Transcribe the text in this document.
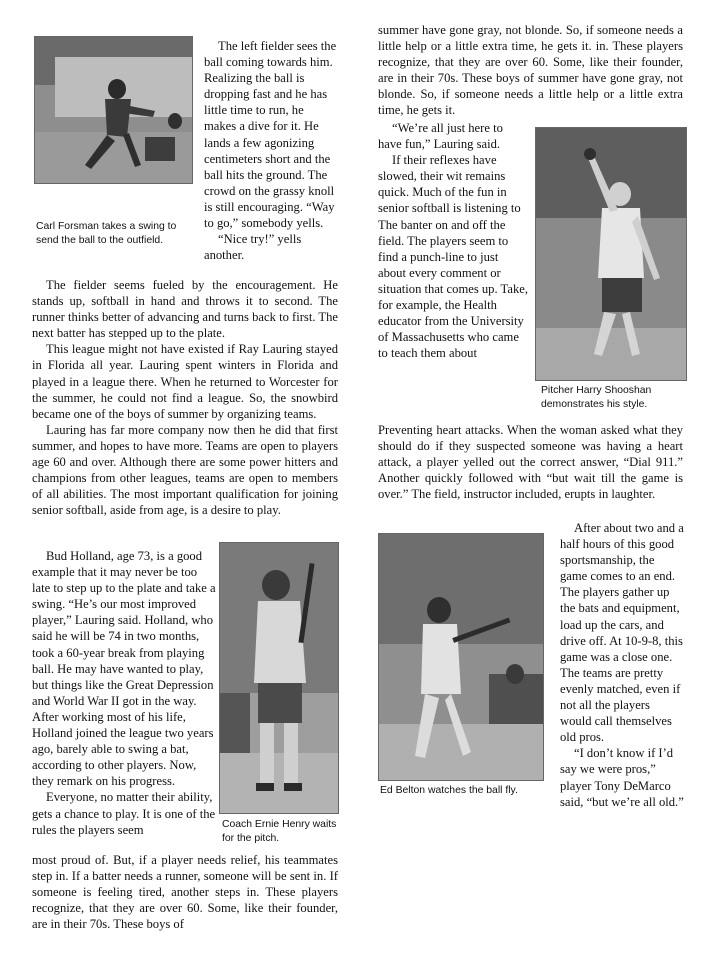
Carl Forsman takes a swing to send the ball to the outfield.

The left fielder sees the ball coming towards him. Realizing the ball is dropping fast and he has little time to run, he makes a dive for it. He lands a few agonizing centimeters short and the ball hits the ground. The crowd on the grassy knoll is still encouraging. “Way to go,” somebody yells.

“Nice try!” yells another.

The fielder seems fueled by the encouragement. He stands up, softball in hand and throws it to second. The runner thinks better of advancing and turns back to first. The next batter has stepped up to the plate.

This league might not have existed if Ray Lauring stayed in Florida all year. Lauring spent winters in Florida and played in a league there. When he returned to Worcester for the summer, he could not find a league. So, the snowbird became one of the boys of summer by organizing teams.

Lauring has far more company now then he did that first summer, and hopes to have more. Teams are open to players age 60 and over. Although there are some power hitters and champions from other leagues, teams are open to members of all abilities. The most important qualification for joining senior softball, aside from age, is a desire to play.

Bud Holland, age 73, is a good example that it may never be too late to step up to the plate and take a swing. “He’s our most improved player,” Lauring said. Holland, who said he will be 74 in two months, took a 60-year break from playing ball. He may have wanted to play, but things like the Great Depression and World War II got in the way. After working most of his life, Holland joined the league two years ago, barely able to swing a bat, according to other players. Now, they remark on his progress.

Everyone, no matter their ability, gets a chance to play. It is one of the rules the players seem	Coach Ernie Henry waits for the pitch.

most proud of. But, if a player needs relief, his teammates step in. If a batter needs a runner, someone will be sent in. If someone is feeling tired, another steps in. These players recognize, that they are over 60. Some, like their founder, are in their 70s. These boys of

summer have gone gray, not blonde. So, if someone needs a little help or a little extra time, he gets it. in. These players recognize, that they are over 60. Some, like their founder, are in their 70s. These boys of summer have gone gray, not blonde. So, if someone needs a little help or a little extra time, he gets it.

“We’re all just here to have fun,” Lauring said.

If their reflexes have slowed, their wit remains quick. Much of the fun in senior softball is listening to The banter on and off the field. The players seem to find a punch-line to just about every comment or situation that comes up. Take, for example, the Health educator from the University of Massachusetts who came to teach them about

Pitcher Harry Shooshan demonstrates his style.

Preventing heart attacks. When the woman asked what they should do if they suspected someone was having a heart attack, a player yelled out the correct answer, “Dial 911.” Another quickly followed with “but wait till the game is over.” The field, instructor included, erupts in laughter.

Ed Belton watches the ball fly.

After about two and a half hours of this good sportsmanship, the game comes to an end. The players gather up the bats and equipment, load up the cars, and drive off. At 10-9-8, this game was a close one. The teams are pretty evenly matched, even if not all the players would call themselves old pros.

“I don’t know if I’d say we were pros,” player Tony DeMarco said, “but we’re all old.”
